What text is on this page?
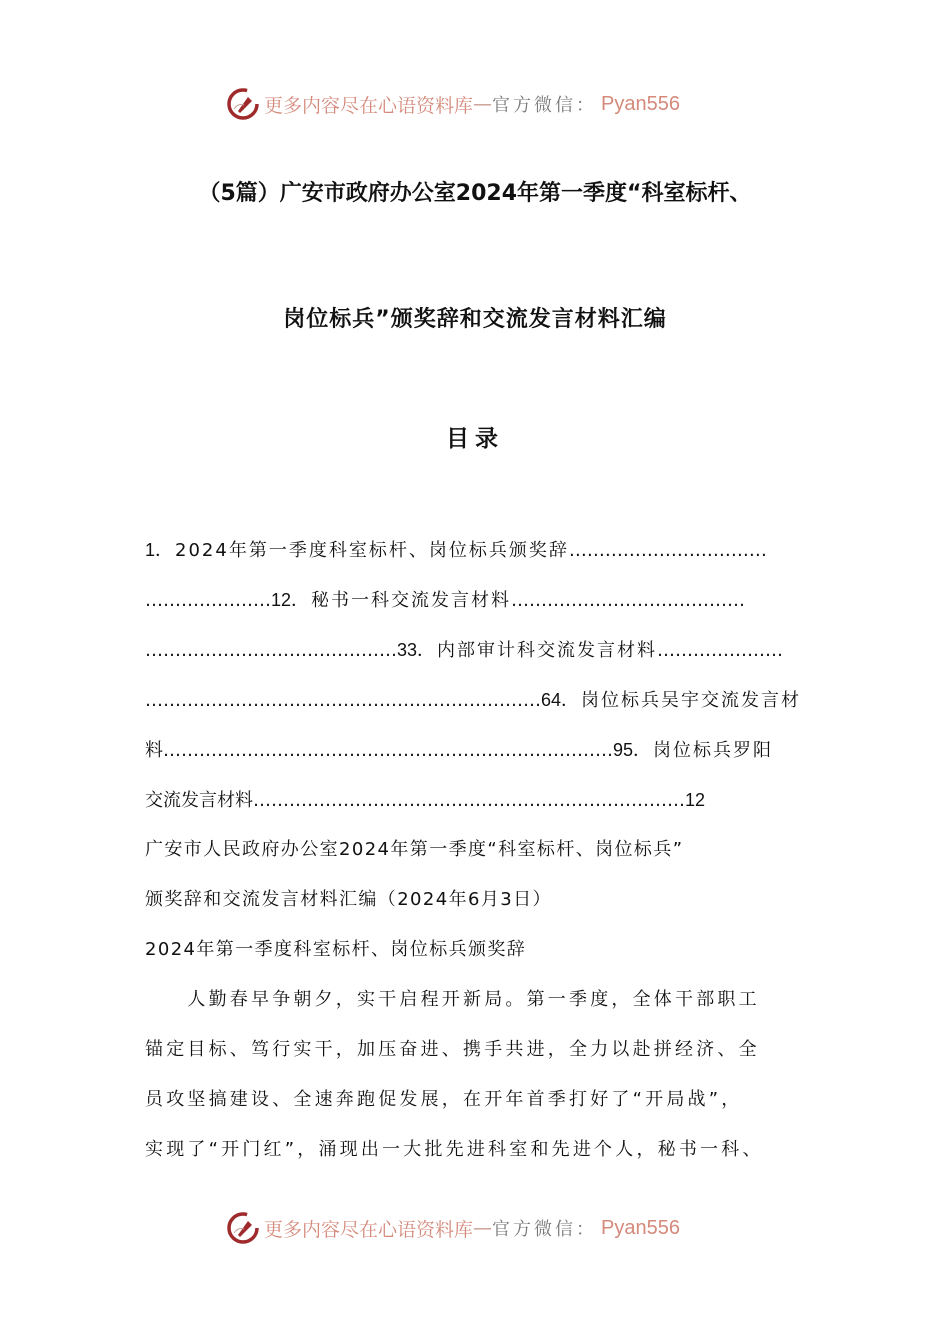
更多内容尽在心语资料库 — 官方微信： Pyan556
（5篇）广安市政府办公室2024年第一季度“科室标杆、
岗位标兵”颁奖辞和交流发言材料汇编
目录
1．2024年第一季度科室标杆、岗位标兵颁奖辞……………………………
…………………12．秘书一科交流发言材料…………………………………
……………………………………33．内部审计科交流发言材料…………………
…………………………………………………………64．岗位标兵吴宇交流发言材
料…………………………………………………………………95．岗位标兵罗阳
交流发言材料………………………………………………………………12
广安市人民政府办公室2024年第一季度“科室标杆、岗位标兵”
颁奖辞和交流发言材料汇编（2024年6月3日）
2024年第一季度科室标杆、岗位标兵颁奖辞
　　人勤春早争朝夕，实干启程开新局。第一季度，全体干部职工
锚定目标、笃行实干，加压奋进、携手共进，全力以赴拼经济、全
员攻坚搞建设、全速奔跑促发展，在开年首季打好了“开局战”，
实现了“开门红”，涌现出一大批先进科室和先进个人，秘书一科、
更多内容尽在心语资料库 — 官方微信： Pyan556
